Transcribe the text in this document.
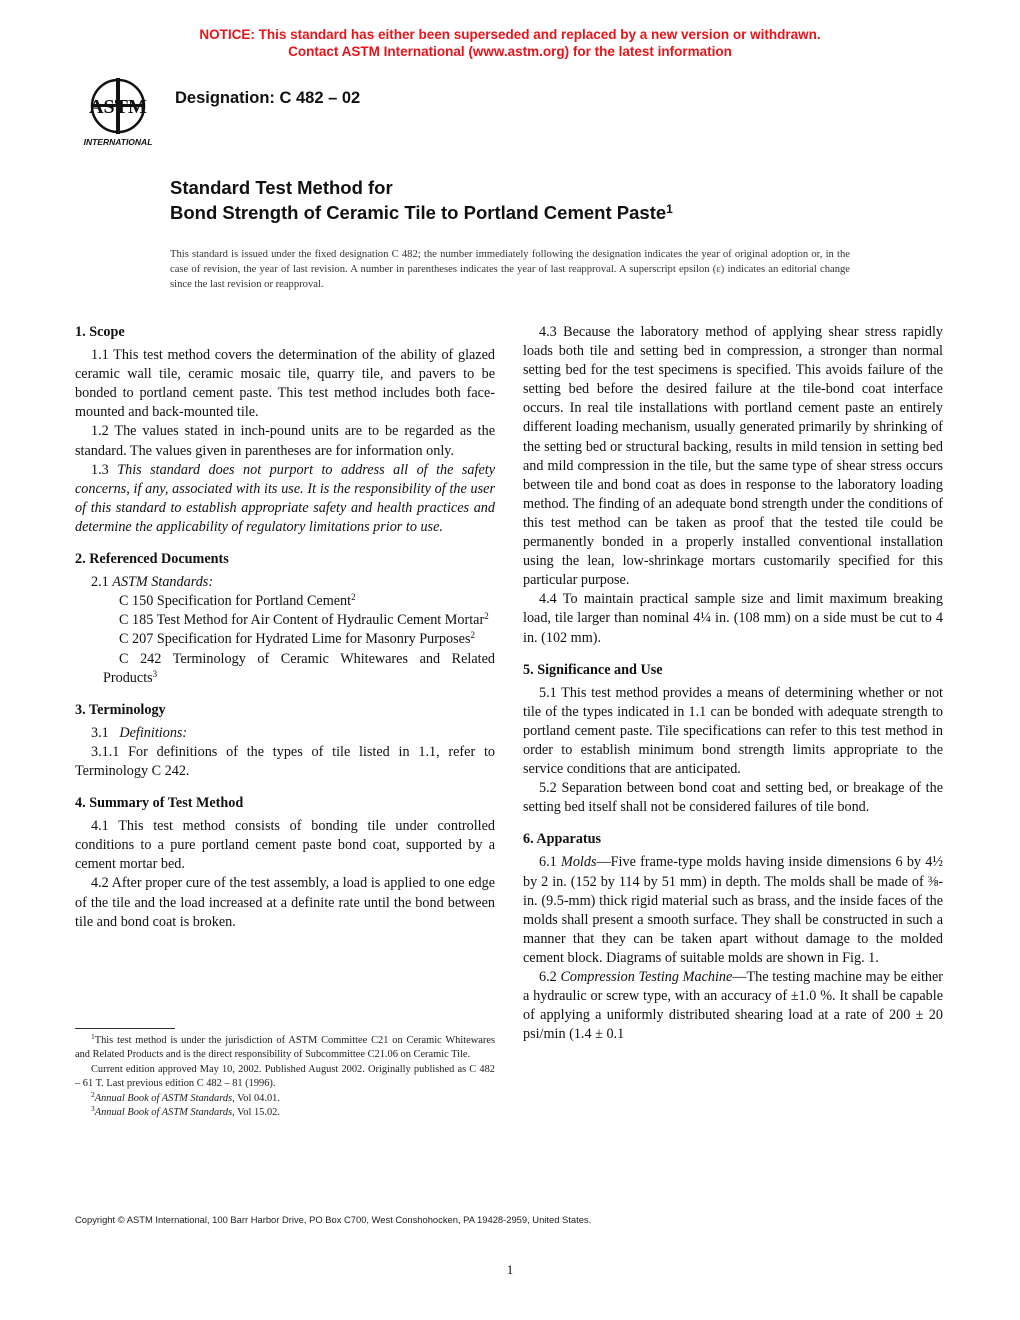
NOTICE: This standard has either been superseded and replaced by a new version or withdrawn.
Contact ASTM International (www.astm.org) for the latest information
ASTM
INTERNATIONAL
Designation: C 482 – 02
Standard Test Method for
Bond Strength of Ceramic Tile to Portland Cement Paste$^1$
This standard is issued under the fixed designation C 482; the number immediately following the designation indicates the year of original adoption or, in the case of revision, the year of last revision. A number in parentheses indicates the year of last reapproval. A superscript epsilon (ε) indicates an editorial change since the last revision or reapproval.
1. Scope

1.1 This test method covers the determination of the ability of glazed ceramic wall tile, ceramic mosaic tile, quarry tile, and pavers to be bonded to portland cement paste. This test method includes both face-mounted and back-mounted tile.

1.2 The values stated in inch-pound units are to be regarded as the standard. The values given in parentheses are for information only.

1.3 This standard does not purport to address all of the safety concerns, if any, associated with its use. It is the responsibility of the user of this standard to establish appropriate safety and health practices and determine the applicability of regulatory limitations prior to use.

2. Referenced Documents

2.1 ASTM Standards:

C 150 Specification for Portland Cement$^2$

C 185 Test Method for Air Content of Hydraulic Cement Mortar$^2$

C 207 Specification for Hydrated Lime for Masonry Purposes$^2$

C 242 Terminology of Ceramic Whitewares and Related Products$^3$

3. Terminology

3.1 Definitions:

3.1.1 For definitions of the types of tile listed in 1.1, refer to Terminology C 242.

4. Summary of Test Method

4.1 This test method consists of bonding tile under controlled conditions to a pure portland cement paste bond coat, supported by a cement mortar bed.

4.2 After proper cure of the test assembly, a load is applied to one edge of the tile and the load increased at a definite rate until the bond between tile and bond coat is broken.

4.3 Because the laboratory method of applying shear stress rapidly loads both tile and setting bed in compression, a stronger than normal setting bed for the test specimens is specified. This avoids failure of the setting bed before the desired failure at the tile-bond coat interface occurs. In real tile installations with portland cement paste an entirely different loading mechanism, usually generated primarily by shrinking of the setting bed or structural backing, results in mild tension in setting bed and mild compression in the tile, but the same type of shear stress occurs between tile and bond coat as does in response to the laboratory loading method. The finding of an adequate bond strength under the conditions of this test method can be taken as proof that the tested tile could be permanently bonded in a properly installed conventional installation using the lean, low-shrinkage mortars customarily specified for this particular purpose.

4.4 To maintain practical sample size and limit maximum breaking load, tile larger than nominal 4¼ in. (108 mm) on a side must be cut to 4 in. (102 mm).

5. Significance and Use

5.1 This test method provides a means of determining whether or not tile of the types indicated in 1.1 can be bonded with adequate strength to portland cement paste. Tile specifications can refer to this test method in order to establish minimum bond strength limits appropriate to the service conditions that are anticipated.

5.2 Separation between bond coat and setting bed, or breakage of the setting bed itself shall not be considered failures of tile bond.

6. Apparatus

6.1 Molds—Five frame-type molds having inside dimensions 6 by 4½ by 2 in. (152 by 114 by 51 mm) in depth. The molds shall be made of ⅜-in. (9.5-mm) thick rigid material such as brass, and the inside faces of the molds shall present a smooth surface. They shall be constructed in such a manner that they can be taken apart without damage to the molded cement block. Diagrams of suitable molds are shown in Fig. 1.

6.2 Compression Testing Machine—The testing machine may be either a hydraulic or screw type, with an accuracy of ±1.0 %. It shall be capable of applying a uniformly distributed shearing load at a rate of 200 ± 20 psi/min (1.4 ± 0.1

$^1$This test method is under the jurisdiction of ASTM Committee C21 on Ceramic Whitewares and Related Products and is the direct responsibility of Subcommittee C21.06 on Ceramic Tile.

Current edition approved May 10, 2002. Published August 2002. Originally published as C 482 – 61 T. Last previous edition C 482 – 81 (1996).

$^2$Annual Book of ASTM Standards, Vol 04.01.

$^3$Annual Book of ASTM Standards, Vol 15.02.

Copyright © ASTM International, 100 Barr Harbor Drive, PO Box C700, West Conshohocken, PA 19428-2959, United States.
1
